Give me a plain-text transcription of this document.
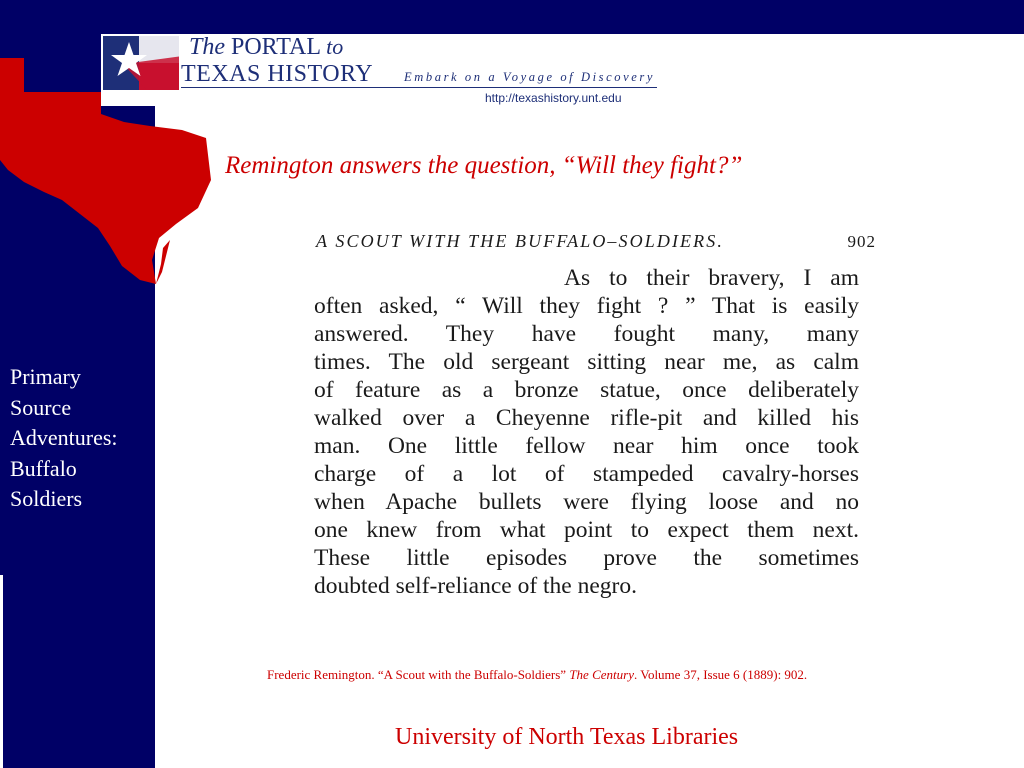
The PORTAL to
TEXAS HISTORY Embark on a Voyage of Discovery
http://texashistory.unt.edu
Remington answers the question, “Will they fight?”
Primary
Source
Adventures:
Buffalo
Soldiers
A SCOUT WITH THE BUFFALO–SOLDIERS.	902
As to their bravery, I am
often asked, “ Will they fight ? ” That is easily
answered. They have fought many, many
times. The old sergeant sitting near me, as calm
of feature as a bronze statue, once deliberately
walked over a Cheyenne rifle-pit and killed his
man. One little fellow near him once took
charge of a lot of stampeded cavalry-horses
when Apache bullets were flying loose and no
one knew from what point to expect them next.
These little episodes prove the sometimes
doubted self-reliance of the negro.
Frederic Remington. “A Scout with the Buffalo-Soldiers” The Century. Volume 37, Issue 6 (1889): 902.
University of North Texas Libraries
